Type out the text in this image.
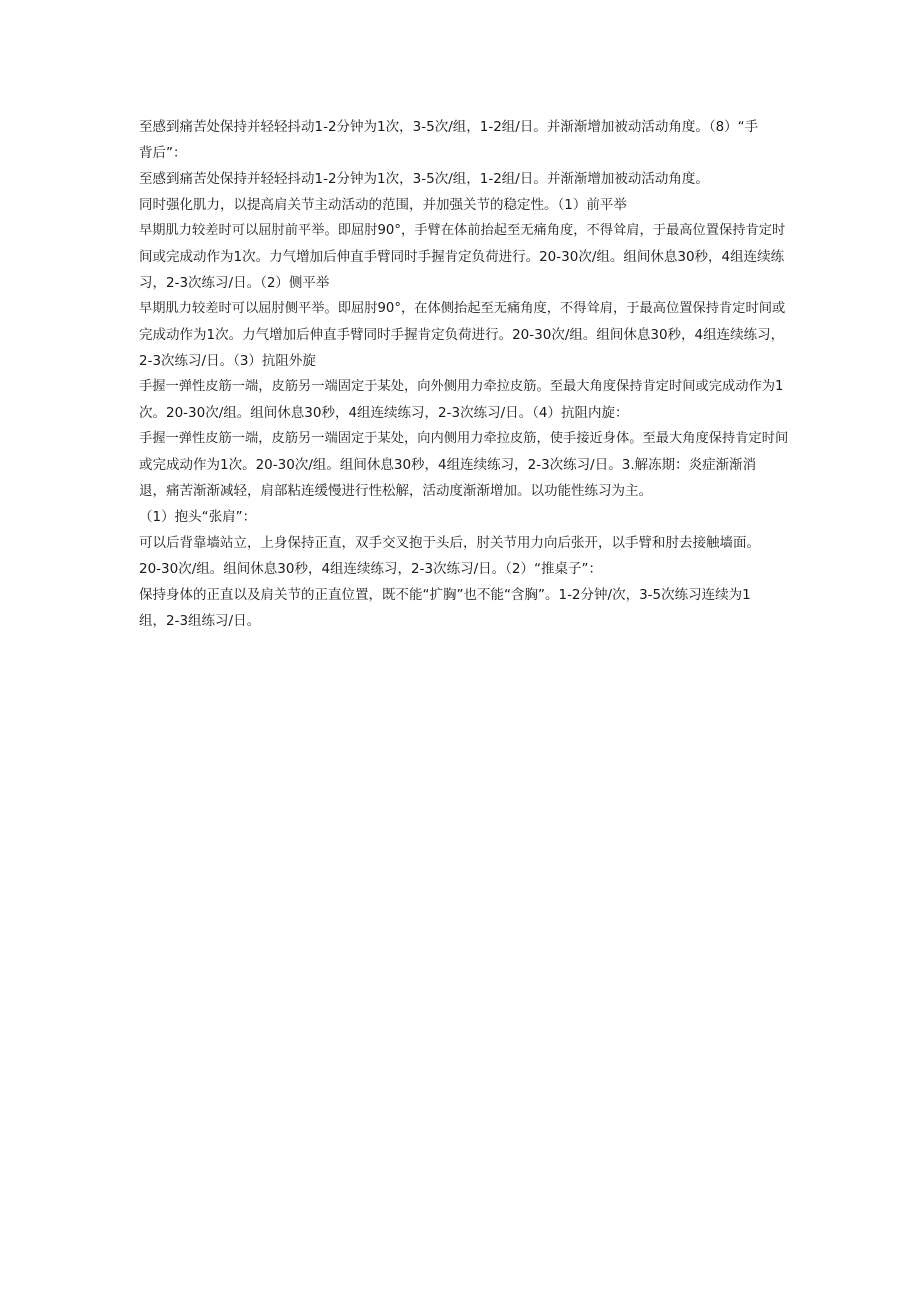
至感到痛苦处保持并轻轻抖动1-2分钟为1次，3-5次/组，1-2组/日。并渐渐增加被动活动角度。（8）“手
背后”：
至感到痛苦处保持并轻轻抖动1-2分钟为1次，3-5次/组，1-2组/日。并渐渐增加被动活动角度。
同时强化肌力，以提高肩关节主动活动的范围，并加强关节的稳定性。（1）前平举
早期肌力较差时可以屈肘前平举。即屈肘90°，手臂在体前抬起至无痛角度，不得耸肩，于最高位置保持肯定时
间或完成动作为1次。力气增加后伸直手臂同时手握肯定负荷进行。20-30次/组。组间休息30秒，4组连续练
习，2-3次练习/日。（2）侧平举
早期肌力较差时可以屈肘侧平举。即屈肘90°，在体侧抬起至无痛角度，不得耸肩，于最高位置保持肯定时间或
完成动作为1次。力气增加后伸直手臂同时手握肯定负荷进行。20-30次/组。组间休息30秒，4组连续练习，
2-3次练习/日。（3）抗阻外旋
手握一弹性皮筋一端，皮筋另一端固定于某处，向外侧用力牵拉皮筋。至最大角度保持肯定时间或完成动作为1
次。20-30次/组。组间休息30秒，4组连续练习，2-3次练习/日。（4）抗阻内旋：
手握一弹性皮筋一端，皮筋另一端固定于某处，向内侧用力牵拉皮筋，使手接近身体。至最大角度保持肯定时间
或完成动作为1次。20-30次/组。组间休息30秒，4组连续练习，2-3次练习/日。3.解冻期：炎症渐渐消
退，痛苦渐渐减轻，肩部粘连缓慢进行性松解，活动度渐渐增加。以功能性练习为主。
（1）抱头“张肩”：
可以后背靠墙站立，上身保持正直，双手交叉抱于头后，肘关节用力向后张开，以手臂和肘去接触墙面。
20-30次/组。组间休息30秒，4组连续练习，2-3次练习/日。（2）“推桌子”：
保持身体的正直以及肩关节的正直位置，既不能“扩胸”也不能“含胸”。1-2分钟/次，3-5次练习连续为1
组，2-3组练习/日。
